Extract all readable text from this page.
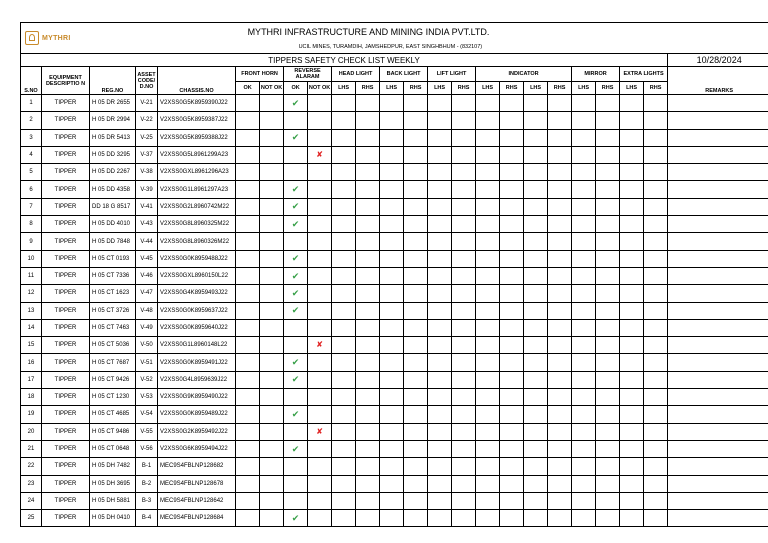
MYTHRI					MYTHRI INFRASTRUCTURE AND MINING INDIA PVT.LTD.																		
					UCIL MINES, TURAMDIH, JAMSHEDPUR, EAST SINGHBHUM - (832107)																		
TIPPERS SAFETY CHECK LIST WEEKLY																							10/28/2024
S.NO	EQUIPMENT DESCRIPTIO N	REG.NO	ASSET CODE/ D.NO	CHASSIS.NO	FRONT HORN		REVERSE ALARAM		HEAD LIGHT		BACK LIGHT		LIFT LIGHT		INDICATOR				MIRROR		EXTRA LIGHTS		REMARKS
					OK	NOT OK	OK	NOT OK	LHS	RHS	LHS	RHS	LHS	RHS	LHS	RHS	LHS	RHS	LHS	RHS	LHS	RHS	
1	TIPPER	H 05 DR 2655	V-21	V2XSS0G5K8959390J22			✔																
2	TIPPER	H 05 DR 2994	V-22	V2XSS0G5K8959387J22																			
3	TIPPER	H 05 DR 5413	V-25	V2XSS0G5K8959388J22			✔																
4	TIPPER	H 05 DD 3295	V-37	V2XSS0G5L8961299A23				✘															
5	TIPPER	H 05 DD 2267	V-38	V2XSS0GXL8961296A23																			
6	TIPPER	H 05 DD 4358	V-39	V2XSS0G1L8961297A23			✔																
7	TIPPER	DD 18 G 8517	V-41	V2XSS0G2L8960742M22			✔																
8	TIPPER	H 05 DD 4010	V-43	V2XSS0G8L8960325M22			✔																
9	TIPPER	H 05 DD 7848	V-44	V2XSS0G8L8960326M22																			
10	TIPPER	H 05 CT 0193	V-45	V2XSS0G0K8959488J22			✔																
11	TIPPER	H 05 CT 7336	V-46	V2XSS0GXL8960150L22			✔																
12	TIPPER	H 05 CT 1623	V-47	V2XSS0G4K8959493J22			✔																
13	TIPPER	H 05 CT 3726	V-48	V2XSS0G0K8959637J22			✔																
14	TIPPER	H 05 CT 7463	V-49	V2XSS0G0K8959640J22																			
15	TIPPER	H 05 CT 5036	V-50	V2XSS0G1L8960148L22				✘															
16	TIPPER	H 05 CT 7687	V-51	V2XSS0G0K8959491J22			✔																
17	TIPPER	H 05 CT 9426	V-52	V2XSS0G4L8959639J22			✔																
18	TIPPER	H 05 CT 1230	V-53	V2XSS0G9K8959490J22																			
19	TIPPER	H 05 CT 4685	V-54	V2XSS0G0K8959489J22			✔																
20	TIPPER	H 05 CT 9486	V-55	V2XSS0G2K8959492J22				✘															
21	TIPPER	H 05 CT 0648	V-56	V2XSS0G6K8959494J22			✔																
22	TIPPER	H 05 DH 7482	B-1	MEC9S4FBLNP128682																			
23	TIPPER	H 05 DH 3695	B-2	MEC9S4FBLNP128678																			
24	TIPPER	H 05 DH 5881	B-3	MEC9S4FBLNP128642																			
25	TIPPER	H 05 DH 0410	B-4	MEC9S4FBLNP128684			✔																
